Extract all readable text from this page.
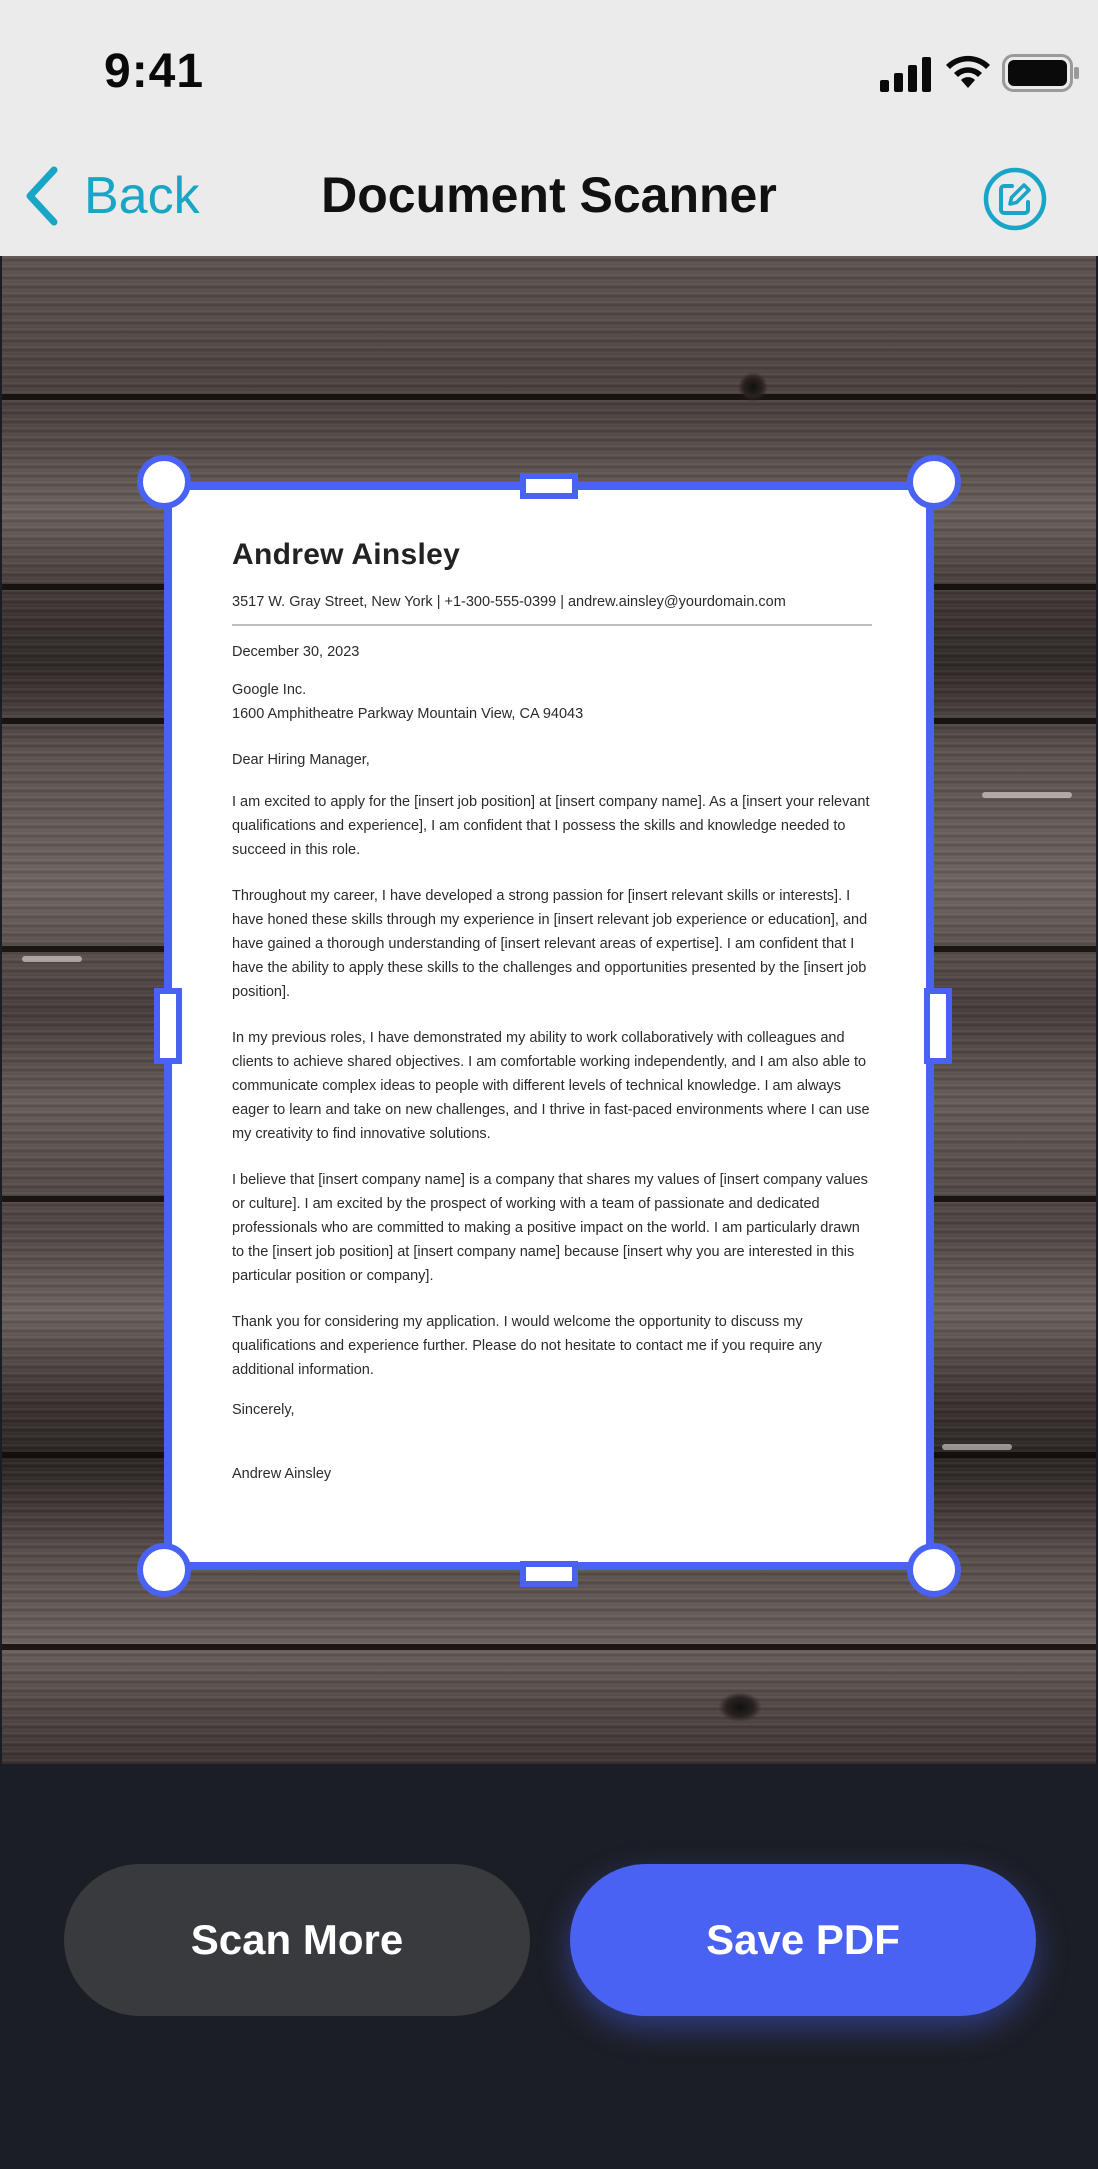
9:41
Back	Document Scanner
Andrew Ainsley
3517 W. Gray Street, New York | +1-300-555-0399 | andrew.ainsley@yourdomain.com
December 30, 2023
Google Inc.
1600 Amphitheatre Parkway Mountain View, CA 94043
Dear Hiring Manager,
I am excited to apply for the [insert job position] at [insert company name]. As a [insert your relevant qualifications and experience], I am confident that I possess the skills and knowledge needed to succeed in this role.
Throughout my career, I have developed a strong passion for [insert relevant skills or interests]. I have honed these skills through my experience in [insert relevant job experience or education], and have gained a thorough understanding of [insert relevant areas of expertise]. I am confident that I have the ability to apply these skills to the challenges and opportunities presented by the [insert job position].
In my previous roles, I have demonstrated my ability to work collaboratively with colleagues and clients to achieve shared objectives. I am comfortable working independently, and I am also able to communicate complex ideas to people with different levels of technical knowledge. I am always eager to learn and take on new challenges, and I thrive in fast-paced environments where I can use my creativity to find innovative solutions.
I believe that [insert company name] is a company that shares my values of [insert company values or culture]. I am excited by the prospect of working with a team of passionate and dedicated professionals who are committed to making a positive impact on the world. I am particularly drawn to the [insert job position] at [insert company name] because [insert why you are interested in this particular position or company].
Thank you for considering my application. I would welcome the opportunity to discuss my qualifications and experience further. Please do not hesitate to contact me if you require any additional information.
Sincerely,
Andrew Ainsley
Scan More	Save PDF
